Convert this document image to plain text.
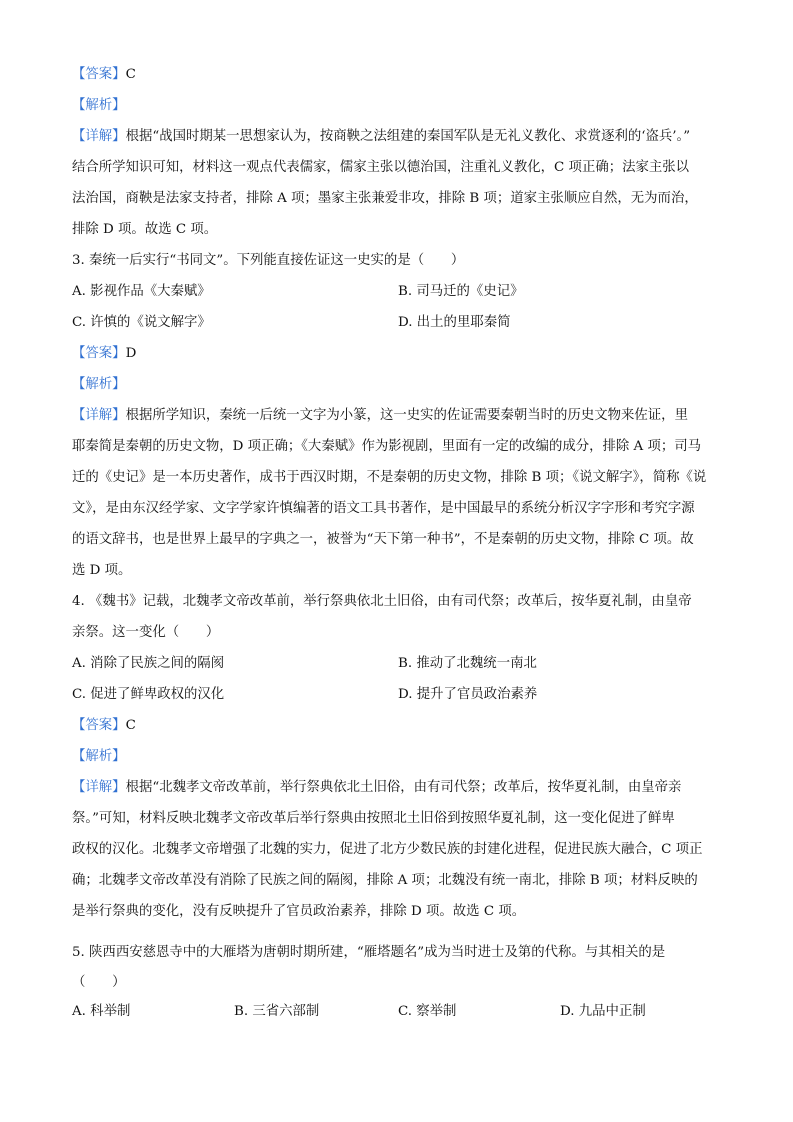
【答案】C
【解析】
【详解】根据“战国时期某一思想家认为，按商鞅之法组建的秦国军队是无礼义教化、求赏逐利的‘盗兵’。”
结合所学知识可知，材料这一观点代表儒家，儒家主张以德治国，注重礼义教化，C 项正确；法家主张以
法治国，商鞅是法家支持者，排除 A 项；墨家主张兼爱非攻，排除 B 项；道家主张顺应自然，无为而治，
排除 D 项。故选 C 项。
3. 秦统一后实行“书同文”。下列能直接佐证这一史实的是（　　）
A. 影视作品《大秦赋》	B. 司马迁的《史记》
C. 许慎的《说文解字》	D. 出土的里耶秦简
【答案】D
【解析】
【详解】根据所学知识，秦统一后统一文字为小篆，这一史实的佐证需要秦朝当时的历史文物来佐证，里
耶秦简是秦朝的历史文物，D 项正确；《大秦赋》作为影视剧，里面有一定的改编的成分，排除 A 项；司马
迁的《史记》是一本历史著作，成书于西汉时期，不是秦朝的历史文物，排除 B 项；《说文解字》，简称《说
文》，是由东汉经学家、文字学家许慎编著的语文工具书著作，是中国最早的系统分析汉字字形和考究字源
的语文辞书，也是世界上最早的字典之一，被誉为“天下第一种书”，不是秦朝的历史文物，排除 C 项。故
选 D 项。
4. 《魏书》记载，北魏孝文帝改革前，举行祭典依北土旧俗，由有司代祭；改革后，按华夏礼制，由皇帝
亲祭。这一变化（　　）
A. 消除了民族之间的隔阂	B. 推动了北魏统一南北
C. 促进了鲜卑政权的汉化	D. 提升了官员政治素养
【答案】C
【解析】
【详解】根据“北魏孝文帝改革前，举行祭典依北土旧俗，由有司代祭；改革后，按华夏礼制，由皇帝亲
祭。”可知，材料反映北魏孝文帝改革后举行祭典由按照北土旧俗到按照华夏礼制，这一变化促进了鲜卑
政权的汉化。北魏孝文帝增强了北魏的实力，促进了北方少数民族的封建化进程，促进民族大融合，C 项正
确；北魏孝文帝改革没有消除了民族之间的隔阂，排除 A 项；北魏没有统一南北，排除 B 项；材料反映的
是举行祭典的变化，没有反映提升了官员政治素养，排除 D 项。故选 C 项。
5. 陕西西安慈恩寺中的大雁塔为唐朝时期所建，“雁塔题名”成为当时进士及第的代称。与其相关的是
（　　）
A. 科举制	B. 三省六部制	C. 察举制	D. 九品中正制
